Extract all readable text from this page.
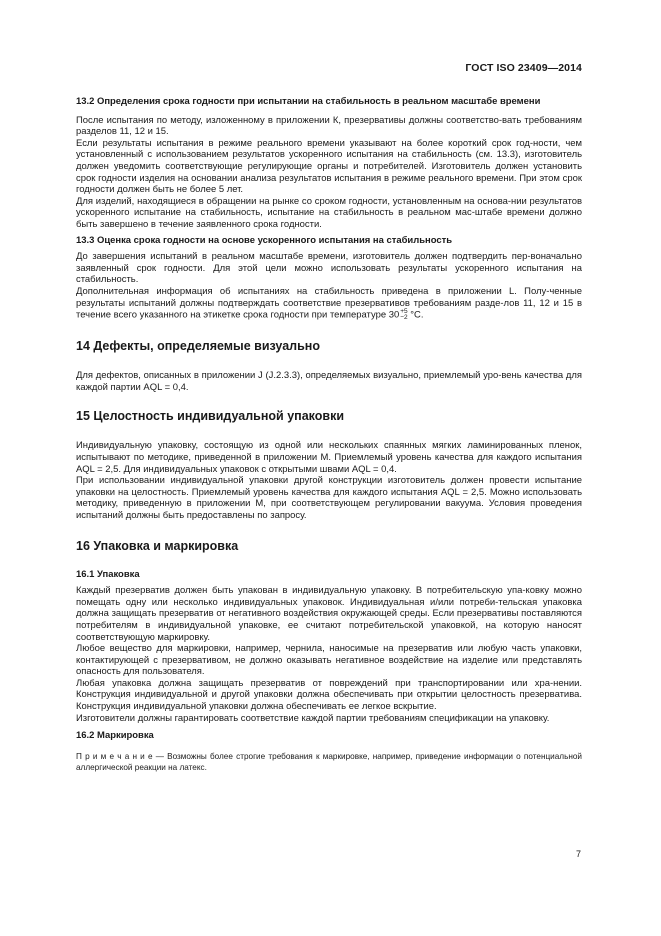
ГОСТ ISO 23409—2014

13.2 Определения срока годности при испытании на стабильность в реальном масштабе времени

После испытания по методу, изложенному в приложении К, презервативы должны соответство-вать требованиям разделов 11, 12 и 15.

Если результаты испытания в режиме реального времени указывают на более короткий срок год-ности, чем установленный с использованием результатов ускоренного испытания на стабильность (см. 13.3), изготовитель должен уведомить соответствующие регулирующие органы и потребителей. Изготовитель должен установить срок годности изделия на основании анализа результатов испытания в режиме реального времени. При этом срок годности должен быть не более 5 лет.

Для изделий, находящиеся в обращении на рынке со сроком годности, установленным на основа-нии результатов ускоренного испытание на стабильность, испытание на стабильность в реальном мас-штабе времени должно быть завершено в течение заявленного срока годности.

13.3 Оценка срока годности на основе ускоренного испытания на стабильность

До завершения испытаний в реальном масштабе времени, изготовитель должен подтвердить пер-воначально заявленный срок годности. Для этой цели можно использовать результаты ускоренного испытания на стабильность.

Дополнительная информация об испытаниях на стабильность приведена в приложении L. Полу-ченные результаты испытаний должны подтверждать соответствие презервативов требованиям разде-лов 11, 12 и 15 в течение всего указанного на этикетке срока годности при температуре 30 +5
−2 °С.

14 Дефекты, определяемые визуально

Для дефектов, описанных в приложении J (J.2.3.3), определяемых визуально, приемлемый уро-вень качества для каждой партии AQL = 0,4.

15 Целостность индивидуальной упаковки

Индивидуальную упаковку, состоящую из одной или нескольких спаянных мягких ламинированных пленок, испытывают по методике, приведенной в приложении М. Приемлемый уровень качества для каждого испытания AQL = 2,5. Для индивидуальных упаковок с открытыми швами AQL = 0,4.

При использовании индивидуальной упаковки другой конструкции изготовитель должен провести испытание упаковки на целостность. Приемлемый уровень качества для каждого испытания AQL = 2,5. Можно использовать методику, приведенную в приложении М, при соответствующем регулировании вакуума. Условия проведения испытаний должны быть предоставлены по запросу.

16 Упаковка и маркировка

16.1 Упаковка

Каждый презерватив должен быть упакован в индивидуальную упаковку. В потребительскую упа-ковку можно помещать одну или несколько индивидуальных упаковок. Индивидуальная и/или потреби-тельская упаковка должна защищать презерватив от негативного воздействия окружающей среды. Если презервативы поставляются потребителям в индивидуальной упаковке, ее считают потребительской упаковкой, на которую наносят соответствующую маркировку.

Любое вещество для маркировки, например, чернила, наносимые на презерватив или любую часть упаковки, контактирующей с презервативом, не должно оказывать негативное воздействие на изделие или представлять опасность для пользователя.

Любая упаковка должна защищать презерватив от повреждений при транспортировании или хра-нении. Конструкция индивидуальной и другой упаковки должна обеспечивать при открытии целостность презерватива. Конструкция индивидуальной упаковки должна обеспечивать ее легкое вскрытие.

Изготовители должны гарантировать соответствие каждой партии требованиям спецификации на упаковку.

16.2 Маркировка

П р и м е ч а н и е — Возможны более строгие требования к маркировке, например, приведение информации о потенциальной аллергической реакции на латекс.

7
